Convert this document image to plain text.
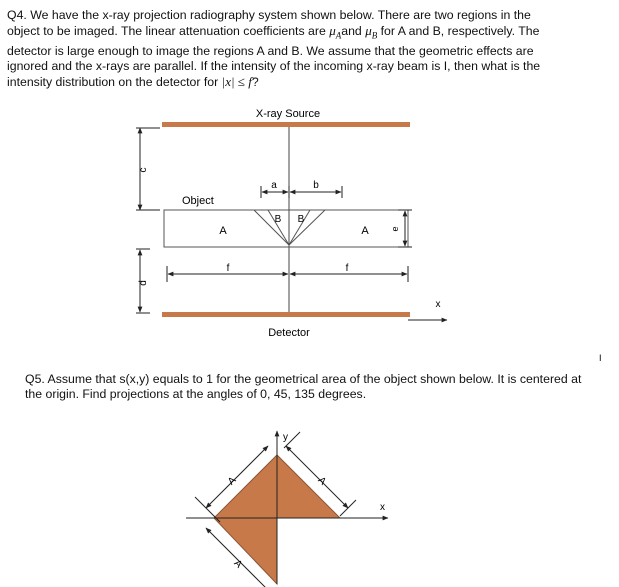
Q4. We have the x-ray projection radiography system shown below. There are two regions in the object to be imaged. The linear attenuation coefficients are $\mu_Aand$ $\mu_B$ for A and B, respectively. The detector is large enough to image the regions A and B. We assume that the geometric effects are ignored and the x-rays are parallel. If the intensity of the incoming x-ray beam is I, then what is the intensity distribution on the detector for |x| ≤ f?
X-ray Source
c
a	b
Object
A	A
B B
e
d
f	f
x
Detector
I
x
y
A	A
A
Q5. Assume that s(x,y) equals to 1 for the geometrical area of the object shown below. It is centered at the origin. Find projections at the angles of 0, 45, 135 degrees.
